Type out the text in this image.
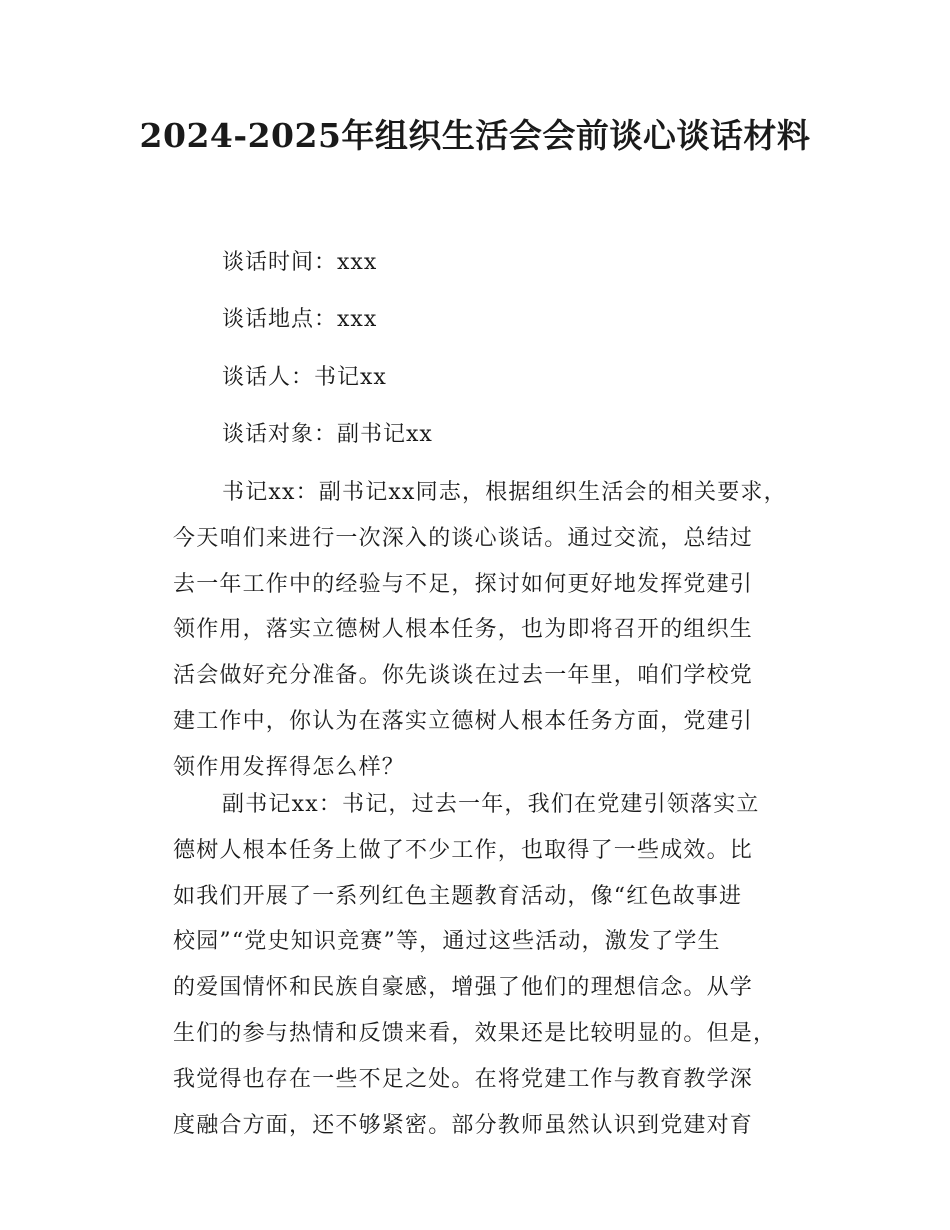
2024-2025年组织生活会会前谈心谈话材料
谈话时间：xxx
谈话地点：xxx
谈话人：书记xx
谈话对象：副书记xx

书记xx：副书记xx同志，根据组织生活会的相关要求，
今天咱们来进行一次深入的谈心谈话。通过交流，总结过
去一年工作中的经验与不足，探讨如何更好地发挥党建引
领作用，落实立德树人根本任务，也为即将召开的组织生
活会做好充分准备。你先谈谈在过去一年里，咱们学校党
建工作中，你认为在落实立德树人根本任务方面，党建引
领作用发挥得怎么样？

副书记xx：书记，过去一年，我们在党建引领落实立
德树人根本任务上做了不少工作，也取得了一些成效。比
如我们开展了一系列红色主题教育活动，像“红色故事进
校园”“党史知识竞赛”等，通过这些活动，激发了学生
的爱国情怀和民族自豪感，增强了他们的理想信念。从学
生们的参与热情和反馈来看，效果还是比较明显的。但是，
我觉得也存在一些不足之处。在将党建工作与教育教学深
度融合方面，还不够紧密。部分教师虽然认识到党建对育
